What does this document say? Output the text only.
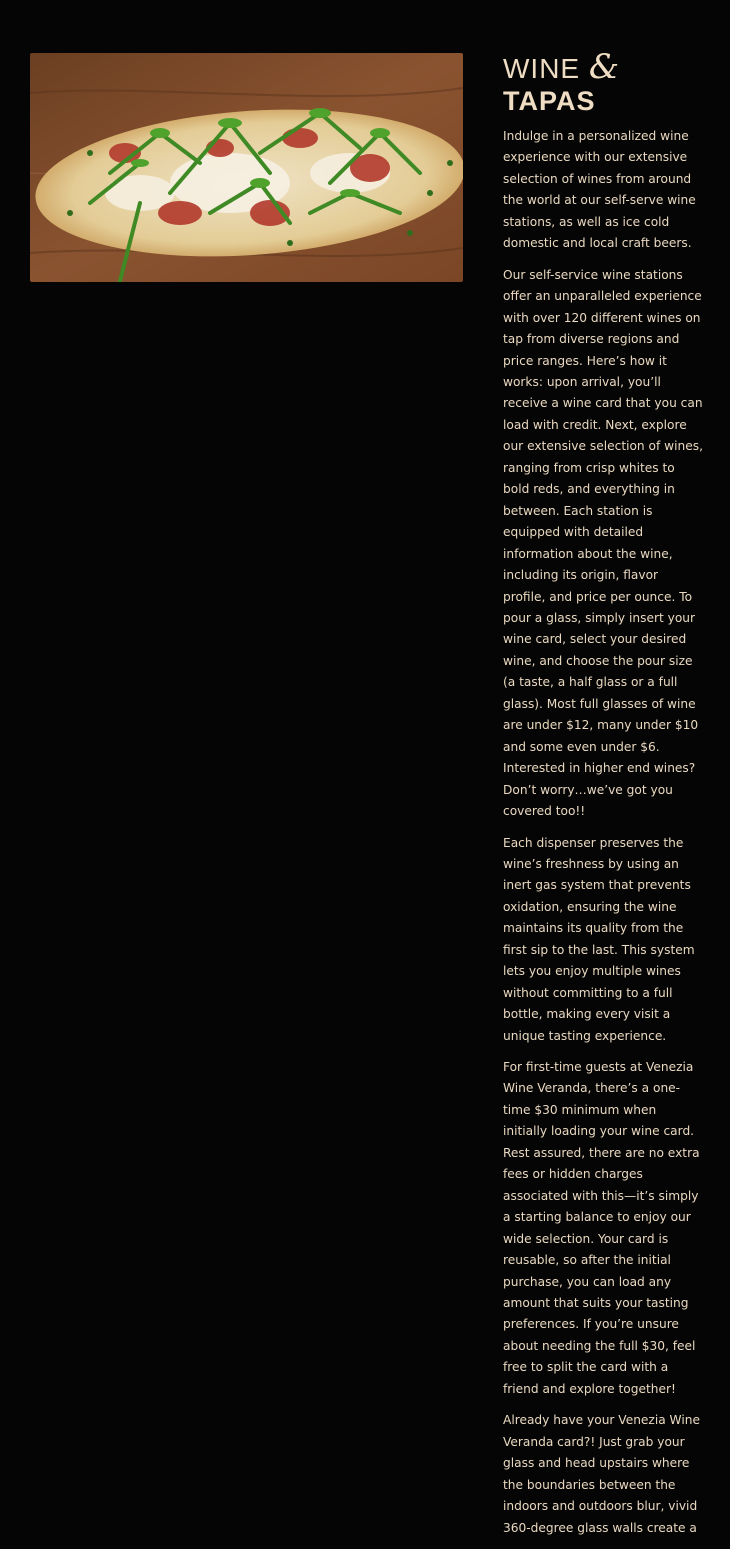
WINE &
TAPAS

Indulge in a personalized wine experience with our extensive selection of wines from around the world at our self-serve wine stations, as well as ice cold domestic and local craft beers.

Our self-service wine stations offer an unparalleled experience with over 120 different wines on tap from diverse regions and price ranges. Here’s how it works: upon arrival, you’ll receive a wine card that you can load with credit. Next, explore our extensive selection of wines, ranging from crisp whites to bold reds, and everything in between. Each station is equipped with detailed information about the wine, including its origin, flavor profile, and price per ounce. To pour a glass, simply insert your wine card, select your desired wine, and choose the pour size (a taste, a half glass or a full glass). Most full glasses of wine are under $12, many under $10 and some even under $6. Interested in higher end wines? Don’t worry…we’ve got you covered too!!

Each dispenser preserves the wine’s freshness by using an inert gas system that prevents oxidation, ensuring the wine maintains its quality from the first sip to the last. This system lets you enjoy multiple wines without committing to a full bottle, making every visit a unique tasting experience.

For first-time guests at Venezia Wine Veranda, there’s a one-time $30 minimum when initially loading your wine card. Rest assured, there are no extra fees or hidden charges associated with this—it’s simply a starting balance to enjoy our wide selection. Your card is reusable, so after the initial purchase, you can load any amount that suits your tasting preferences. If you’re unsure about needing the full $30, feel free to split the card with a friend and explore together!

Already have your Venezia Wine Veranda card?! Just grab your glass and head upstairs where the boundaries between the indoors and outdoors blur, vivid 360-degree glass walls create a
